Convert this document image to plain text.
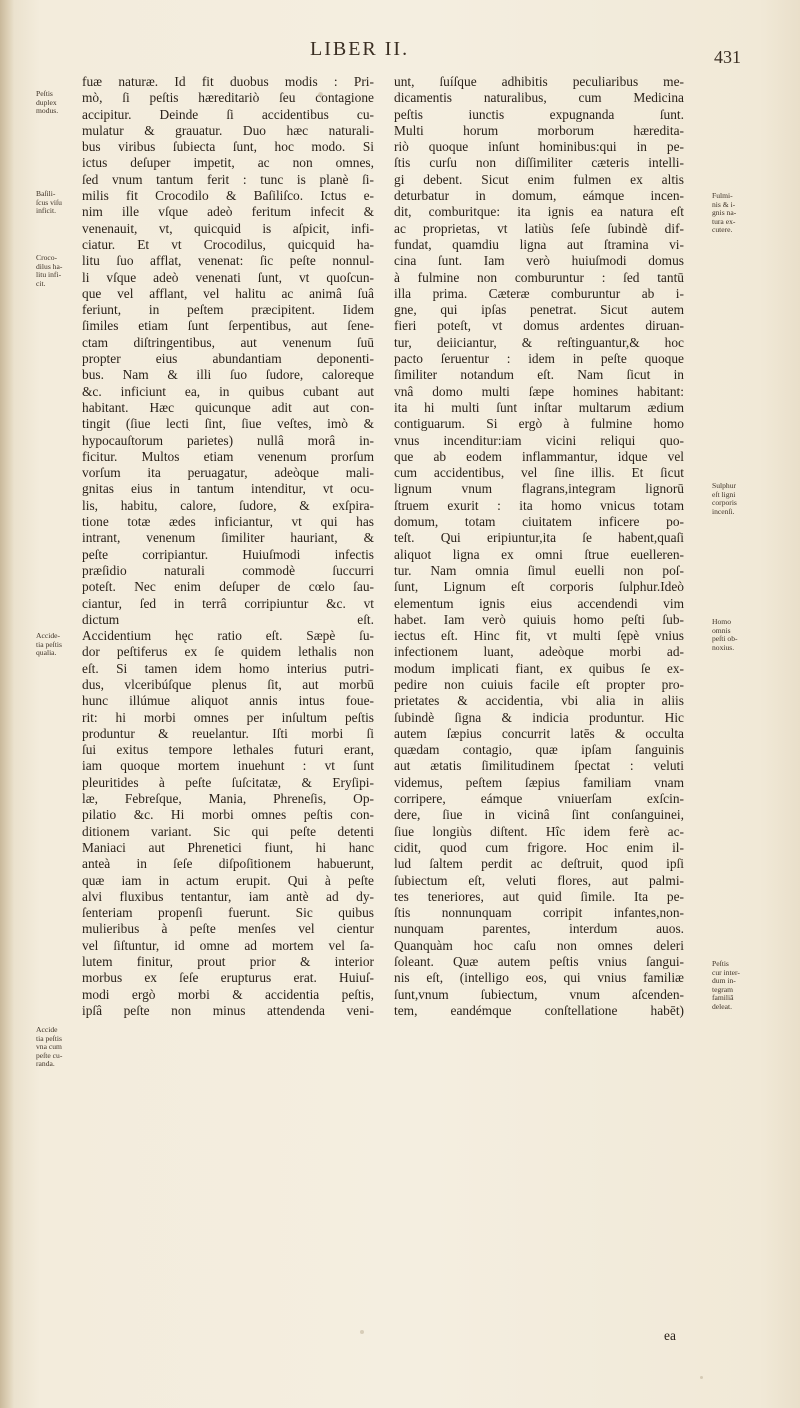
LIBER II.	431
fuæ naturæ. Id fit duobus modis : Pri-
mò, ſi peſtis hæreditariò ſeu contagione
accipitur. Deinde ſi accidentibus cu-
mulatur & grauatur. Duo hæc naturali-
bus viribus ſubiecta ſunt, hoc modo. Si
ictus deſuper impetit, ac non omnes,
ſed vnum tantum ferit : tunc is planè ſi-
milis fit Crocodilo & Baſiliſco. Ictus e-
nim ille vſque adeò feritum infecit &
venenauit, vt, quicquid is aſpicit, infi-
ciatur. Et vt Crocodilus, quicquid ha-
litu ſuo afflat, venenat: ſic peſte nonnul-
li vſque adeò venenati ſunt, vt quoſcun-
que vel afflant, vel halitu ac animâ ſuâ
feriunt, in peſtem præcipitent. Iidem
ſimiles etiam ſunt ſerpentibus, aut ſene-
ctam diſtringentibus, aut venenum ſuū
propter eius abundantiam deponenti-
bus. Nam & illi ſuo ſudore, caloreque
&c. inficiunt ea, in quibus cubant aut
habitant. Hæc quicunque adit aut con-
tingit (ſiue lecti ſint, ſiue veſtes, imò &
hypocauſtorum parietes) nullâ morâ in-
ficitur. Multos etiam venenum prorſum
vorſum ita peruagatur, adeòque mali-
gnitas eius in tantum intenditur, vt ocu-
lis, habitu, calore, ſudore, & exſpira-
tione totæ ædes inficiantur, vt qui has
intrant, venenum ſimiliter hauriant, &
peſte corripiantur. Huiuſmodi infectis
præſidio naturali commodè ſuccurri
poteſt. Nec enim deſuper de cœlo ſau-
ciantur, ſed in terrâ corripiuntur &c. vt
dictum eſt.
Accidentium hęc ratio eſt. Sæpè ſu-
dor peſtiferus ex ſe quidem lethalis non
eſt. Si tamen idem homo interius putri-
dus, vlceribúſque plenus ſit, aut morbū
hunc illúmue aliquot annis intus foue-
rit: hi morbi omnes per inſultum peſtis
produntur & reuelantur. Iſti morbi ſi
ſui exitus tempore lethales futuri erant,
iam quoque mortem inuehunt : vt ſunt
pleuritides à peſte ſuſcitatæ, & Eryſipi-
læ, Febreſque, Mania, Phreneſis, Op-
pilatio &c. Hi morbi omnes peſtis con-
ditionem variant. Sic qui peſte detenti
Maniaci aut Phrenetici fiunt, hi hanc
anteà in ſeſe diſpoſitionem habuerunt,
quæ iam in actum erupit. Qui à peſte
alvi fluxibus tentantur, iam antè ad dy-
ſenteriam propenſi fuerunt. Sic quibus
mulieribus à peſte menſes vel cientur
vel ſiſtuntur, id omne ad mortem vel ſa-
lutem finitur, prout prior & interior
morbus ex ſeſe erupturus erat. Huiuſ-
modi ergò morbi & accidentia peſtis,
ipſâ peſte non minus attendenda veni-
unt, ſuíſque adhibitis peculiaribus me-
dicamentis naturalibus, cum Medicina
peſtis iunctis expugnanda ſunt.
Multi horum morborum hæredita-
riò quoque inſunt hominibus:qui in pe-
ſtis curſu non diſſimiliter cæteris intelli-
gi debent. Sicut enim fulmen ex altis
deturbatur in domum, eámque incen-
dit, comburitque: ita ignis ea natura eſt
ac proprietas, vt latiùs ſeſe ſubindè dif-
fundat, quamdiu ligna aut ſtramina vi-
cina ſunt. Iam verò huiuſmodi domus
à fulmine non comburuntur : ſed tantū
illa prima. Cæteræ comburuntur ab i-
gne, qui ipſas penetrat. Sicut autem
fieri poteſt, vt domus ardentes diruan-
tur, deiiciantur, & reſtinguantur,& hoc
pacto ſeruentur : idem in peſte quoque
ſimiliter notandum eſt. Nam ſicut in
vnâ domo multi ſæpe homines habitant:
ita hi multi ſunt inſtar multarum ædium
contiguarum. Si ergò à fulmine homo
vnus incenditur:iam vicini reliqui quo-
que ab eodem inflammantur, idque vel
cum accidentibus, vel ſine illis. Et ſicut
lignum vnum flagrans,integram lignorū
ſtruem exurit : ita homo vnicus totam
domum, totam ciuitatem inficere po-
teſt. Qui eripiuntur,ita ſe habent,quaſi
aliquot ligna ex omni ſtrue euelleren-
tur. Nam omnia ſimul euelli non poſ-
ſunt, Lignum eſt corporis ſulphur.Ideò
elementum ignis eius accendendi vim
habet. Iam verò quiuis homo peſti ſub-
iectus eſt. Hinc fit, vt multi ſępè vnius
infectionem luant, adeòque morbi ad-
modum implicati fiant, ex quibus ſe ex-
pedire non cuiuis facile eſt propter pro-
prietates & accidentia, vbi alia in aliis
ſubindè ſigna & indicia produntur. Hic
autem ſæpius concurrit latēs & occulta
quædam contagio, quæ ipſam ſanguinis
aut ætatis ſimilitudinem ſpectat : veluti
videmus, peſtem ſæpius familiam vnam
corripere, eámque vniuerſam exſcin-
dere, ſiue in vicinâ ſint conſanguinei,
ſiue longiùs diſtent. Hîc idem ferè ac-
cidit, quod cum frigore. Hoc enim il-
lud ſaltem perdit ac deſtruit, quod ipſi
ſubiectum eſt, veluti flores, aut palmi-
tes teneriores, aut quid ſimile. Ita pe-
ſtis nonnunquam corripit infantes,non-
nunquam parentes, interdum auos.
Quanquàm hoc caſu non omnes deleri
ſoleant. Quæ autem peſtis vnius ſangui-
nis eſt, (intelligo eos, qui vnius familiæ
ſunt,vnum ſubiectum, vnum aſcenden-
tem, eandémque conſtellatione habēt)
Peſtis
duplex
modus.
Baſili-
ſcus viſu
inficit.
Croco-
dilus ha-
litu infi-
cit.
Accide-
tia peſtis
qualia.
Accide
tia peſtis
vna cum
peſte cu-
randa.
Fulmi-
nis & i-
gnis na-
tura ex-
cutere.
Sulphur
eſt ligni
corporis
incenſi.
Homo
omnis
peſti ob-
noxius.
Peſtis
cur inter-
dum in-
tegram
familiā
deleat.
ea
